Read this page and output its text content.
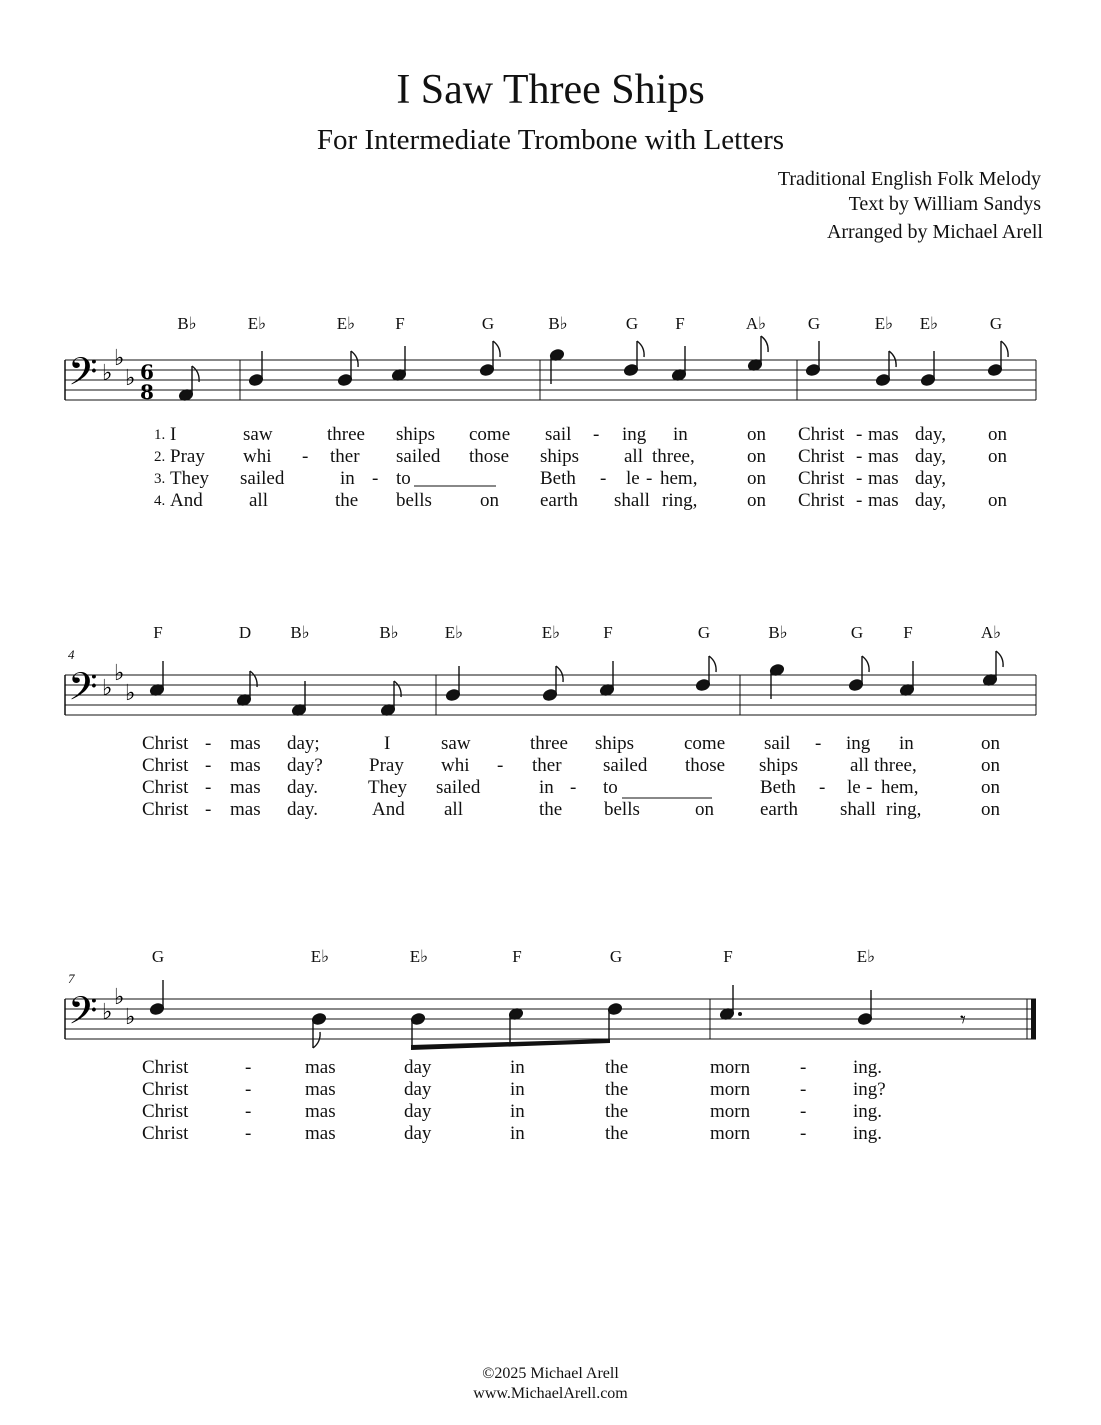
I Saw Three Ships
For Intermediate Trombone with Letters
Traditional English Folk Melody
Text by William Sandys
Arranged by Michael Arell
B♭	E♭	E♭ F	G	B♭	G F	A♭ G	E♭ E♭	G
𝄢 ♭
♭
♭ 6
8
1. I	saw	three ships come sail - ing in	on Christ - mas day, on
2. Pray whi - ther sailed those ships all three,	on Christ - mas day, on
3. They sailed	in - to	Beth - le - hem,	on Christ - mas day,
4. And all	the bells	on earth shall ring,	on Christ - mas day, on
4
F	D B♭	B♭	E♭	E♭	F	G	B♭	G F	A♭
𝄢 ♭
♭
♭
Christ - mas day;	I	saw	three ships	come sail - ing in	on
Christ - mas day? Pray whi - ther sailed those ships	all three,	on
Christ - mas day.	They sailed	in - to	Beth - le - hem,	on
Christ - mas day.	And all	the bells	on earth shall ring,	on
7
G	E♭	E♭	F	G	F	E♭
𝄢 ♭
♭
♭	𝄾
Christ	-	mas	day	in	the	morn	- ing.
Christ	-	mas	day	in	the	morn	- ing?
Christ	-	mas	day	in	the	morn	- ing.
Christ	-	mas	day	in	the	morn	- ing.
©2025 Michael Arell
www.MichaelArell.com
